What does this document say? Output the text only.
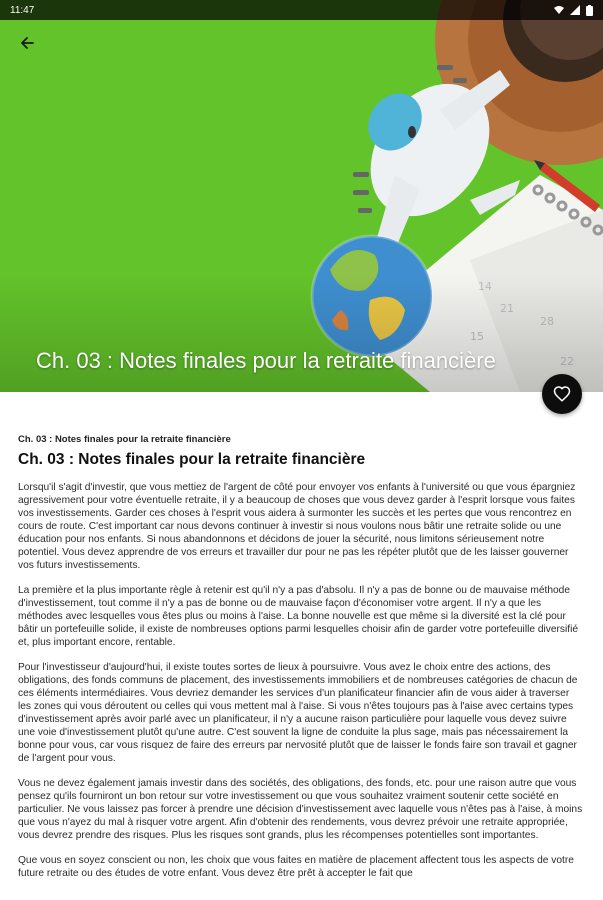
11:47
Ch. 03 : Notes finales pour la retraite financière
Ch. 03 : Notes finales pour la retraite financière
Ch. 03 : Notes finales pour la retraite financière

Lorsqu'il s'agit d'investir, que vous mettiez de l'argent de côté pour envoyer vos enfants à l'université ou que vous épargniez agressivement pour votre éventuelle retraite, il y a beaucoup de choses que vous devez garder à l'esprit lorsque vous faites vos investissements. Garder ces choses à l'esprit vous aidera à surmonter les succès et les pertes que vous rencontrez en cours de route. C'est important car nous devons continuer à investir si nous voulons nous bâtir une retraite solide ou une éducation pour nos enfants. Si nous abandonnons et décidons de jouer la sécurité, nous limitons sérieusement notre potentiel. Vous devez apprendre de vos erreurs et travailler dur pour ne pas les répéter plutôt que de les laisser gouverner vos futurs investissements.

La première et la plus importante règle à retenir est qu'il n'y a pas d'absolu. Il n'y a pas de bonne ou de mauvaise méthode d'investissement, tout comme il n'y a pas de bonne ou de mauvaise façon d'économiser votre argent. Il n'y a que les méthodes avec lesquelles vous êtes plus ou moins à l'aise. La bonne nouvelle est que même si la diversité est la clé pour bâtir un portefeuille solide, il existe de nombreuses options parmi lesquelles choisir afin de garder votre portefeuille diversifié et, plus important encore, rentable.

Pour l'investisseur d'aujourd'hui, il existe toutes sortes de lieux à poursuivre. Vous avez le choix entre des actions, des obligations, des fonds communs de placement, des investissements immobiliers et de nombreuses catégories de chacun de ces éléments intermédiaires. Vous devriez demander les services d'un planificateur financier afin de vous aider à traverser les zones qui vous déroutent ou celles qui vous mettent mal à l'aise. Si vous n'êtes toujours pas à l'aise avec certains types d'investissement après avoir parlé avec un planificateur, il n'y a aucune raison particulière pour laquelle vous devez suivre une voie d'investissement plutôt qu'une autre. C'est souvent la ligne de conduite la plus sage, mais pas nécessairement la bonne pour vous, car vous risquez de faire des erreurs par nervosité plutôt que de laisser le fonds faire son travail et gagner de l'argent pour vous.

Vous ne devez également jamais investir dans des sociétés, des obligations, des fonds, etc. pour une raison autre que vous pensez qu'ils fourniront un bon retour sur votre investissement ou que vous souhaitez vraiment soutenir cette société en particulier. Ne vous laissez pas forcer à prendre une décision d'investissement avec laquelle vous n'êtes pas à l'aise, à moins que vous n'ayez du mal à risquer votre argent. Afin d'obtenir des rendements, vous devrez prévoir une retraite appropriée, vous devrez prendre des risques. Plus les risques sont grands, plus les récompenses potentielles sont importantes.

Que vous en soyez conscient ou non, les choix que vous faites en matière de placement affectent tous les aspects de votre future retraite ou des études de votre enfant. Vous devez être prêt à accepter le fait que
